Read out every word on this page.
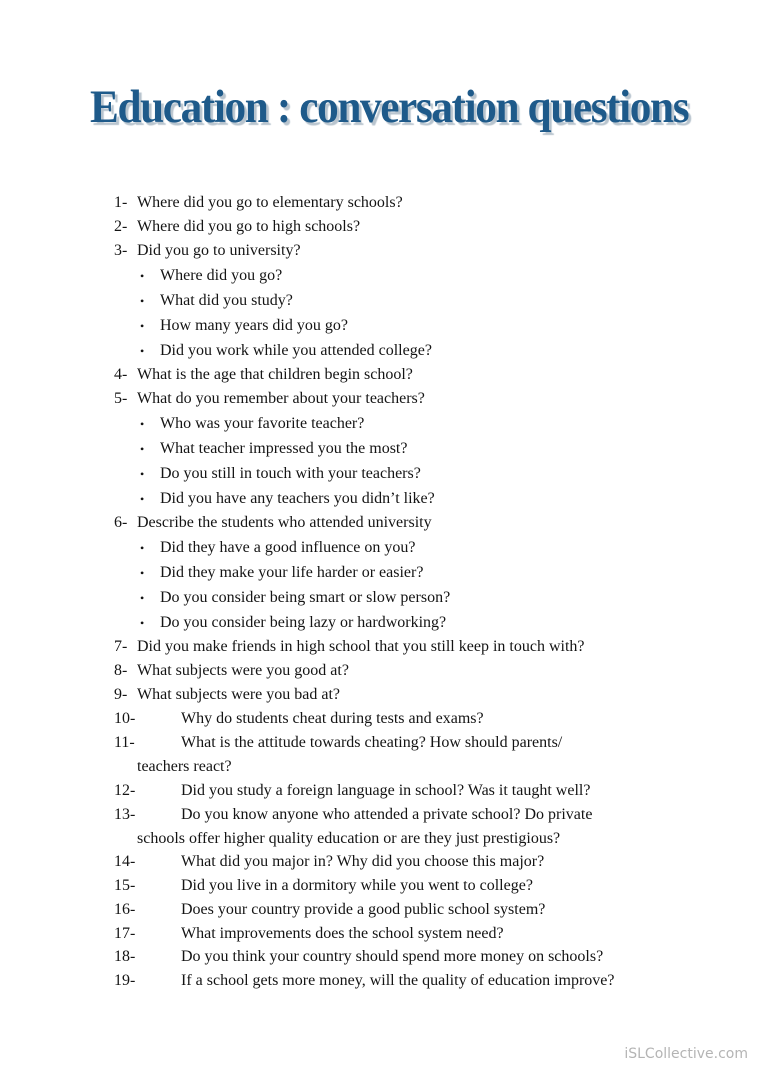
Education : conversation questions
1- Where did you go to elementary schools?
2- Where did you go to high schools?
3- Did you go to university?
• Where did you go?
• What did you study?
• How many years did you go?
• Did you work while you attended college?
4- What is the age that children begin school?
5- What do you remember about your teachers?
• Who was your favorite teacher?
• What teacher impressed you the most?
• Do you still in touch with your teachers?
• Did you have any teachers you didn’t like?
6- Describe the students who attended university
• Did they have a good influence on you?
• Did they make your life harder or easier?
• Do you consider being smart or slow person?
• Do you consider being lazy or hardworking?
7- Did you make friends in high school that you still keep in touch with?
8- What subjects were you good at?
9- What subjects were you bad at?
10-	Why do students cheat during tests and exams?
11-	What is the attitude towards cheating? How should parents/
teachers react?
12-	Did you study a foreign language in school? Was it taught well?
13-	Do you know anyone who attended a private school? Do private
schools offer higher quality education or are they just prestigious?
14-	What did you major in? Why did you choose this major?
15-	Did you live in a dormitory while you went to college?
16-	Does your country provide a good public school system?
17-	What improvements does the school system need?
18-	Do you think your country should spend more money on schools?
19-	If a school gets more money, will the quality of education improve?
iSLCollective.com
